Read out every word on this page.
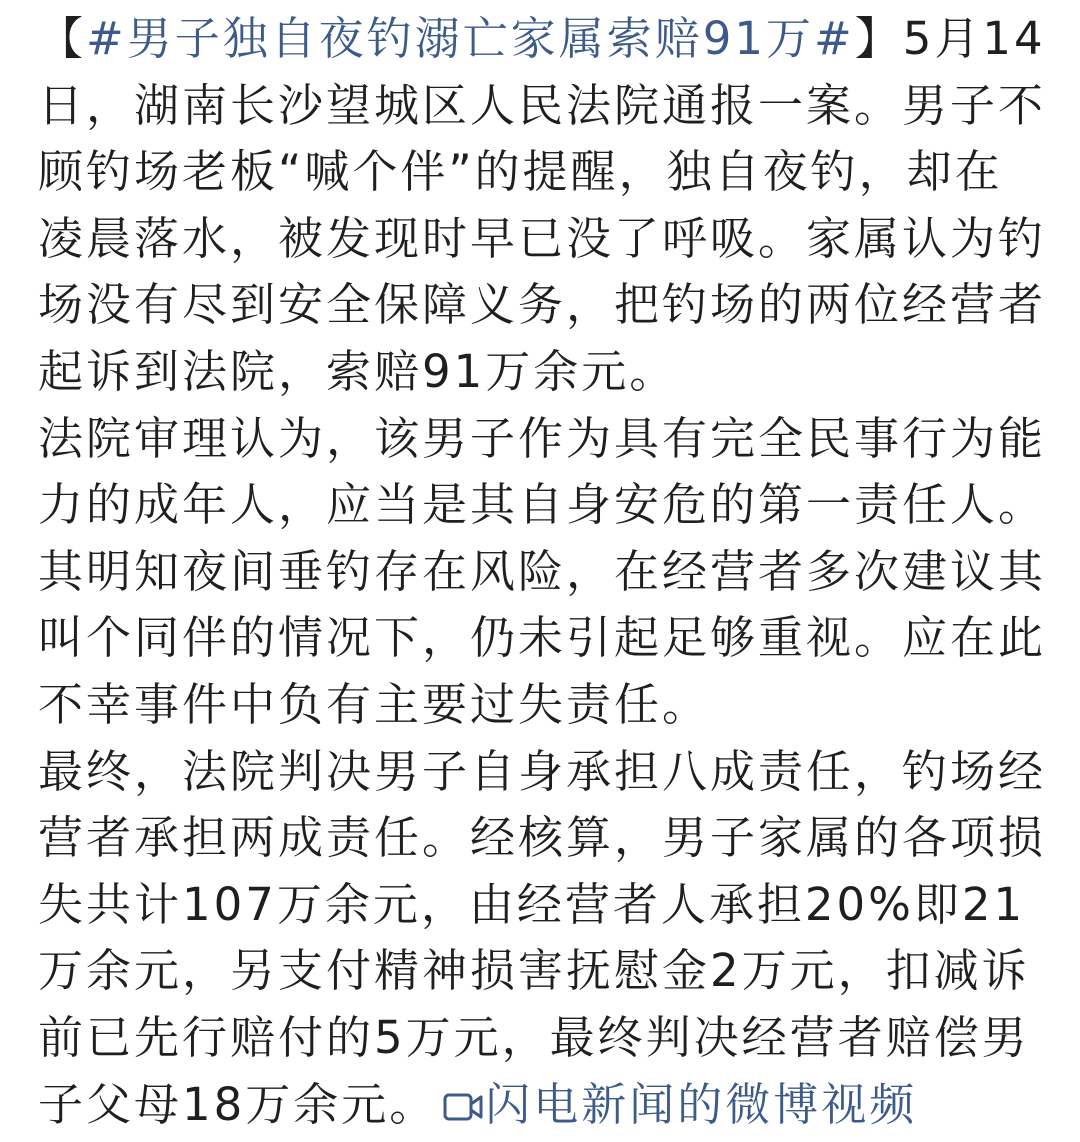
【#男子独自夜钓溺亡家属索赔91万#】5月14日，湖南长沙望城区人民法院通报一案。男子不顾钓场老板“喊个伴”的提醒，独自夜钓，却在凌晨落水，被发现时早已没了呼吸。家属认为钓场没有尽到安全保障义务，把钓场的两位经营者起诉到法院，索赔91万余元。

法院审理认为，该男子作为具有完全民事行为能力的成年人，应当是其自身安危的第一责任人。其明知夜间垂钓存在风险，在经营者多次建议其叫个同伴的情况下，仍未引起足够重视。应在此不幸事件中负有主要过失责任。

最终，法院判决男子自身承担八成责任，钓场经营者承担两成责任。经核算，男子家属的各项损失共计107万余元，由经营者人承担20%即21万余元，另支付精神损害抚慰金2万元，扣减诉前已先行赔付的5万元，最终判决经营者赔偿男子父母18万余元。 闪电新闻的微博视频
